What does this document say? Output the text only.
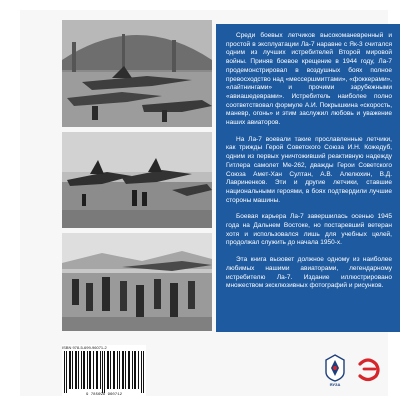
Среди боевых летчиков высокоманевренный и простой в эксплуатации Ла-7 наравне с Як-3 считался одним из лучших истребителей Второй мировой войны. Приняв боевое крещение в 1944 году, Ла-7 продемонстрировал в воздушных боях полное превосходство над «мессершмиттами», «фоккерами», «лайтнингами» и прочими зарубежными «авиашедеврами». Истребитель наиболее полно соответствовал формуле А.И. Покрышкина «скорость, маневр, огонь» и этим заслужил любовь и уважение наших авиаторов.

На Ла-7 воевали такие прославленные летчики, как трижды Герой Советского Союза И.Н. Кожедуб, одним из первых уничтоживший реактивную надежду Гитлера самолет Ме-262, дважды Герои Советского Союза Амет-Хан Султан, А.В. Алелюхин, В.Д. Лавриненков. Эти и другие летчики, ставшие национальными героями, в боях подтвердили лучшие стороны машины.

Боевая карьера Ла-7 завершилась осенью 1945 года на Дальнем Востоке, но постаревший ветеран хотя и использовался лишь для учебных целей, продолжал служить до начала 1950-х.

Эта книга вызовет должное одному из наиболее любимых нашими авиаторами, легендарному истребителю Ла-7. Издание иллюстрировано множеством эксклюзивных фотографий и рисунков.

ISBN 978-5-699-96071-2
9 785699 960712
ЯУЗА
